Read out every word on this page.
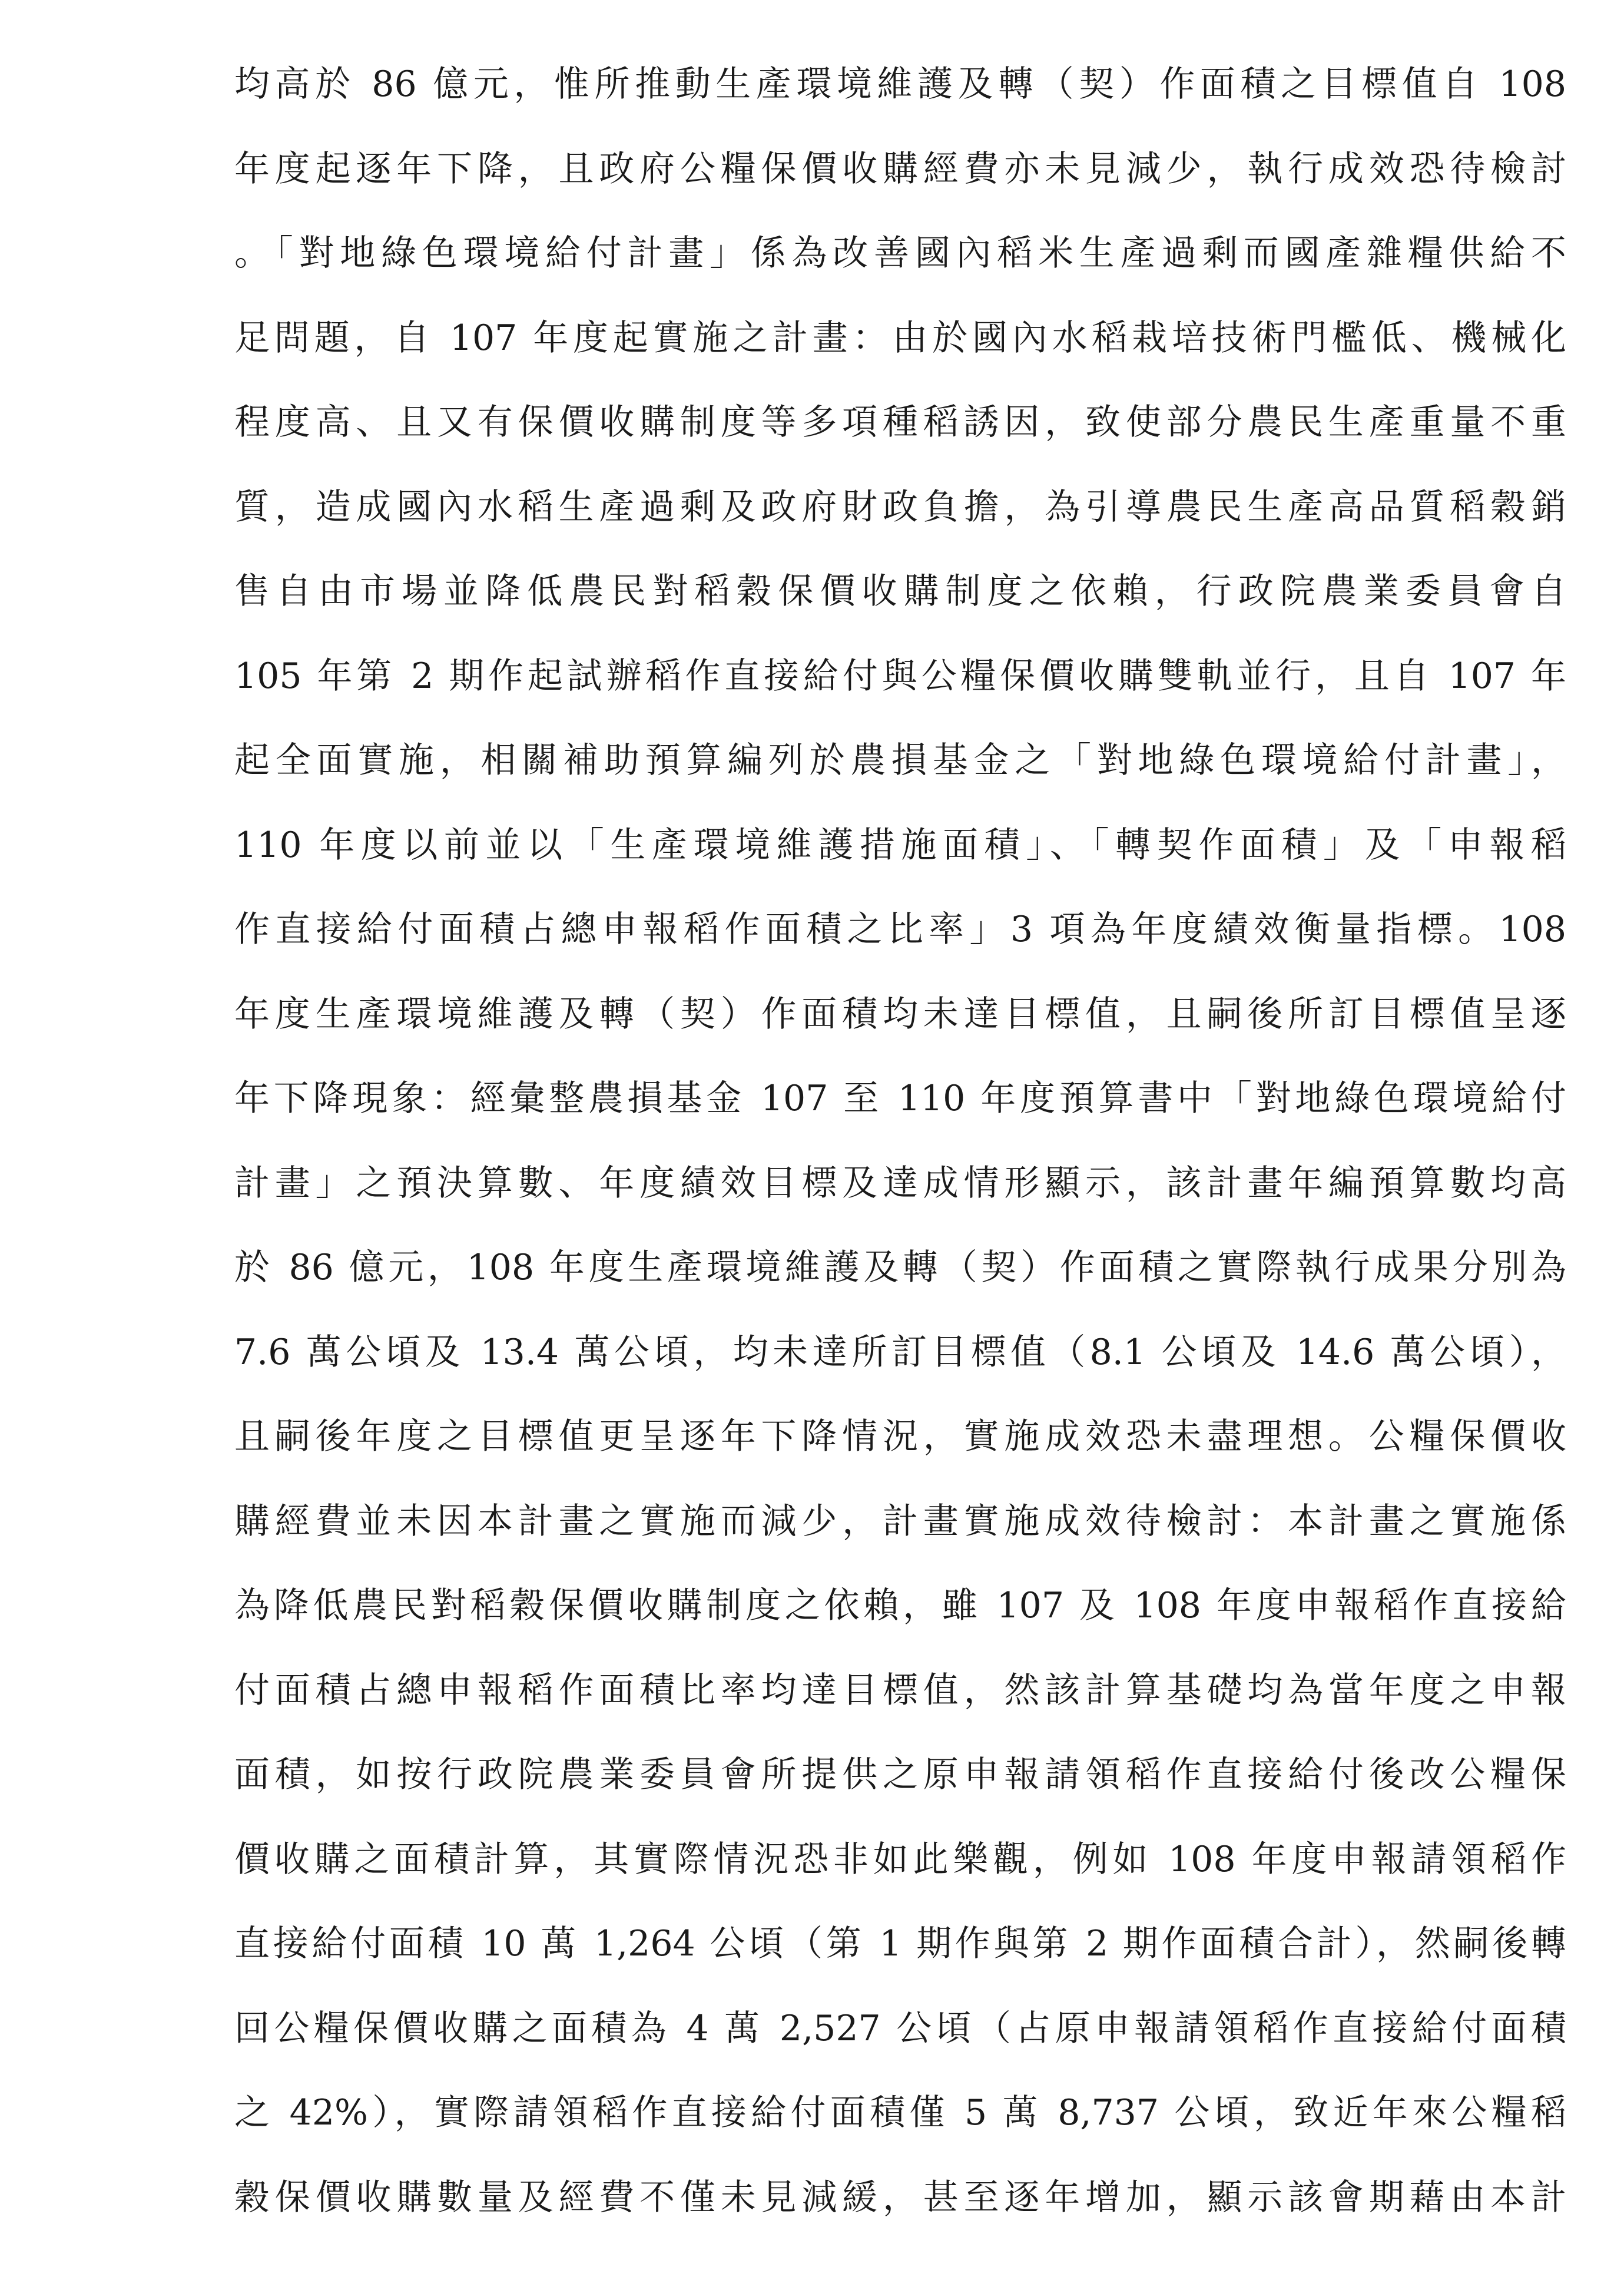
均高於 86 億元，惟所推動生產環境維護及轉（契）作面積之目標值自 108
年度起逐年下降，且政府公糧保價收購經費亦未見減少，執行成效恐待檢討
。「對地綠色環境給付計畫」係為改善國內稻米生產過剩而國產雜糧供給不
足問題，自 107 年度起實施之計畫：由於國內水稻栽培技術門檻低、機械化
程度高、且又有保價收購制度等多項種稻誘因，致使部分農民生產重量不重
質，造成國內水稻生產過剩及政府財政負擔，為引導農民生產高品質稻穀銷
售自由市場並降低農民對稻穀保價收購制度之依賴，行政院農業委員會自
105 年第 2 期作起試辦稻作直接給付與公糧保價收購雙軌並行，且自 107 年
起全面實施，相關補助預算編列於農損基金之「對地綠色環境給付計畫」，
110 年度以前並以「生產環境維護措施面積」、「轉契作面積」及「申報稻
作直接給付面積占總申報稻作面積之比率」3 項為年度績效衡量指標。108
年度生產環境維護及轉（契）作面積均未達目標值，且嗣後所訂目標值呈逐
年下降現象：經彙整農損基金 107 至 110 年度預算書中「對地綠色環境給付
計畫」之預決算數、年度績效目標及達成情形顯示，該計畫年編預算數均高
於 86 億元，108 年度生產環境維護及轉（契）作面積之實際執行成果分別為
7.6 萬公頃及 13.4 萬公頃，均未達所訂目標值（8.1 公頃及 14.6 萬公頃），
且嗣後年度之目標值更呈逐年下降情況，實施成效恐未盡理想。公糧保價收
購經費並未因本計畫之實施而減少，計畫實施成效待檢討：本計畫之實施係
為降低農民對稻穀保價收購制度之依賴，雖 107 及 108 年度申報稻作直接給
付面積占總申報稻作面積比率均達目標值，然該計算基礎均為當年度之申報
面積，如按行政院農業委員會所提供之原申報請領稻作直接給付後改公糧保
價收購之面積計算，其實際情況恐非如此樂觀，例如 108 年度申報請領稻作
直接給付面積 10 萬 1,264 公頃（第 1 期作與第 2 期作面積合計），然嗣後轉
回公糧保價收購之面積為 4 萬 2,527 公頃（占原申報請領稻作直接給付面積
之 42%），實際請領稻作直接給付面積僅 5 萬 8,737 公頃，致近年來公糧稻
穀保價收購數量及經費不僅未見減緩，甚至逐年增加，顯示該會期藉由本計
